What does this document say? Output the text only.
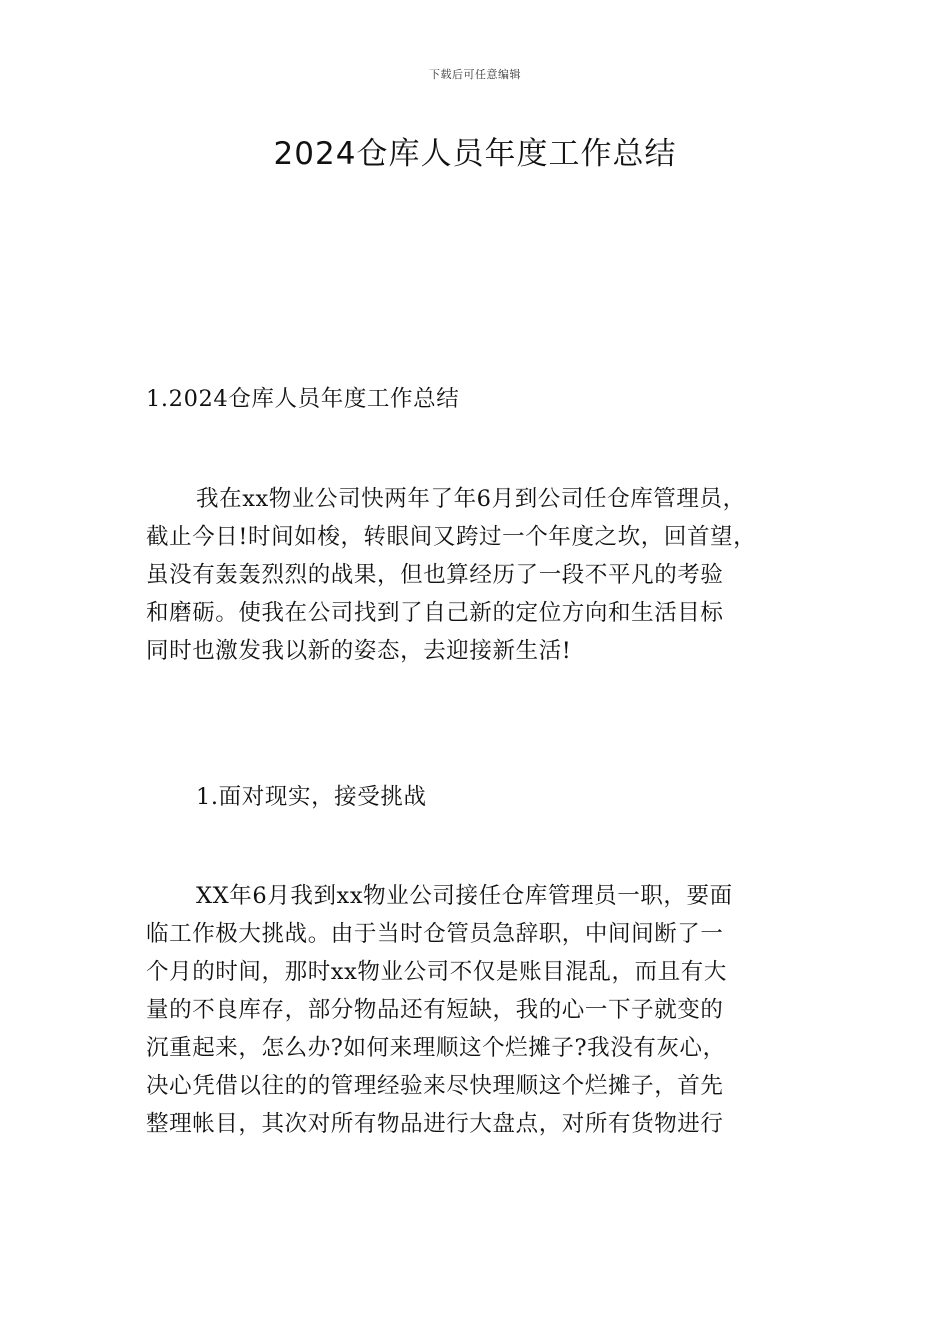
下载后可任意编辑
2024仓库人员年度工作总结
1.2024仓库人员年度工作总结
我在xx物业公司快两年了年6月到公司任仓库管理员，
截止今日!时间如梭，转眼间又跨过一个年度之坎，回首望，
虽没有轰轰烈烈的战果，但也算经历了一段不平凡的考验
和磨砺。使我在公司找到了自己新的定位方向和生活目标
同时也激发我以新的姿态，去迎接新生活!
1.面对现实，接受挑战
XX年6月我到xx物业公司接任仓库管理员一职，要面
临工作极大挑战。由于当时仓管员急辞职，中间间断了一
个月的时间，那时xx物业公司不仅是账目混乱，而且有大
量的不良库存，部分物品还有短缺，我的心一下子就变的
沉重起来，怎么办?如何来理顺这个烂摊子?我没有灰心，
决心凭借以往的的管理经验来尽快理顺这个烂摊子，首先
整理帐目，其次对所有物品进行大盘点，对所有货物进行
